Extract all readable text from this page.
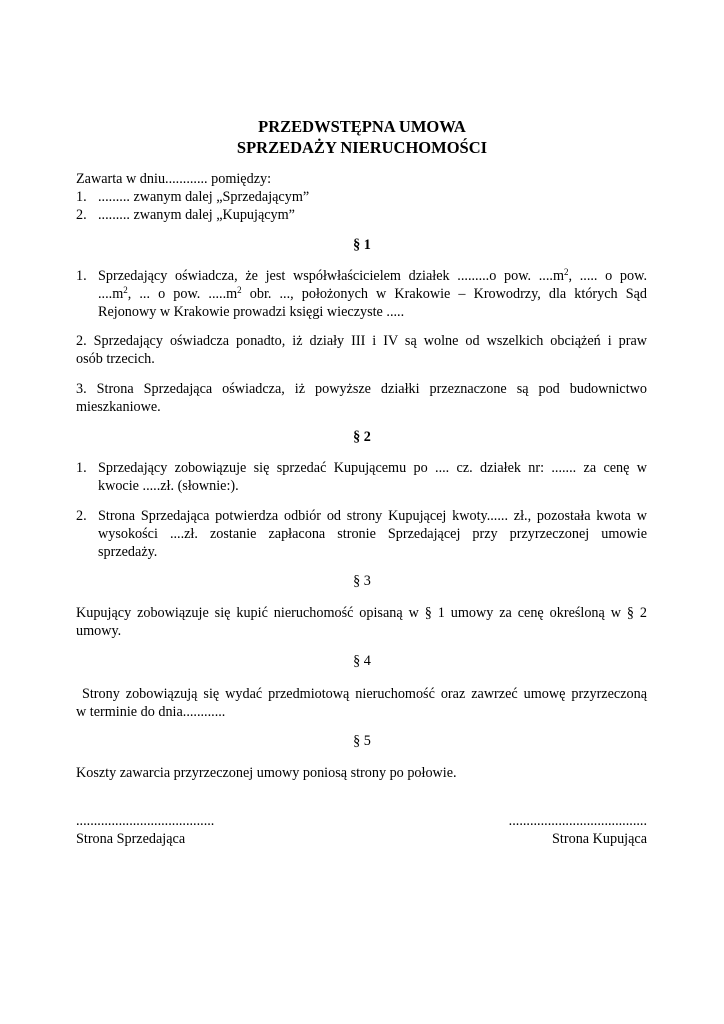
PRZEDWSTĘPNA UMOWA
SPRZEDAŻY NIERUCHOMOŚCI
Zawarta w dniu............ pomiędzy:
1. ......... zwanym dalej „Sprzedającym”
2. ......... zwanym dalej „Kupującym”
§ 1
1. Sprzedający oświadcza, że jest współwłaścicielem działek .........o pow. $....m^2$, ..... o pow.
$....m^2$, ... o pow. $.....m^2$ obr. ..., położonych w Krakowie – Krowodrzy, dla których Sąd
Rejonowy w Krakowie prowadzi księgi wieczyste .....
2. Sprzedający oświadcza ponadto, iż działy III i IV są wolne od wszelkich obciążeń i praw
osób trzecich.
3. Strona Sprzedająca oświadcza, iż powyższe działki przeznaczone są pod budownictwo
mieszkaniowe.
§ 2
1. Sprzedający zobowiązuje się sprzedać Kupującemu po .... cz. działek nr: ....... za cenę w
kwocie .....zł. (słownie:).
2. Strona Sprzedająca potwierdza odbiór od strony Kupującej kwoty...... zł., pozostała kwota w
wysokości ....zł. zostanie zapłacona stronie Sprzedającej przy przyrzeczonej umowie
sprzedaży.
§ 3
Kupujący zobowiązuje się kupić nieruchomość opisaną w § 1 umowy za cenę określoną w § 2
umowy.
§ 4
Strony zobowiązują się wydać przedmiotową nieruchomość oraz zawrzeć umowę przyrzeczoną
w terminie do dnia............
§ 5
Koszty zawarcia przyrzeczonej umowy poniosą strony po połowie.
.......................................
Strona Sprzedająca
.......................................
Strona Kupująca
